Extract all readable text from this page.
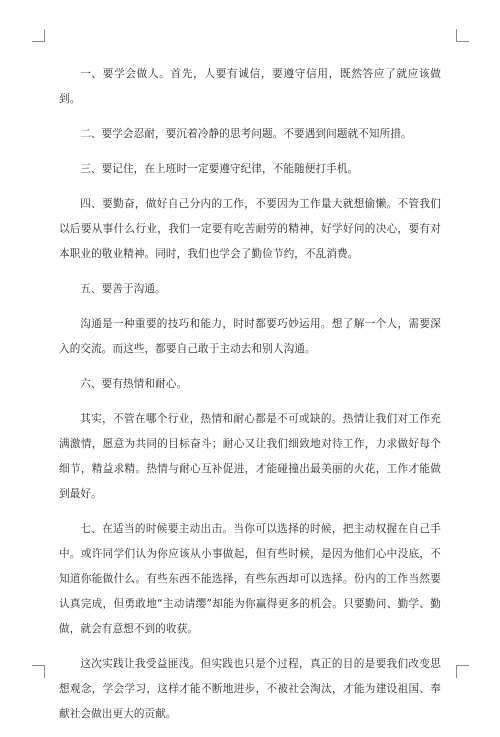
一、要学会做人。首先，人要有诚信，要遵守信用，既然答应了就应该做到。

二、要学会忍耐，要沉着冷静的思考问题。不要遇到问题就不知所措。

三、要记住，在上班时一定要遵守纪律，不能随便打手机。

四、要勤奋，做好自己分内的工作，不要因为工作量大就想偷懒。不管我们以后要从事什么行业，我们一定要有吃苦耐劳的精神，好学好问的决心，要有对本职业的敬业精神。同时，我们也学会了勤俭节约，不乱消费。

五、要善于沟通。

沟通是一种重要的技巧和能力，时时都要巧妙运用。想了解一个人，需要深入的交流。而这些，都要自己敢于主动去和别人沟通。

六、要有热情和耐心。

其实，不管在哪个行业，热情和耐心都是不可或缺的。热情让我们对工作充满激情，愿意为共同的目标奋斗；耐心又让我们细致地对待工作，力求做好每个细节，精益求精。热情与耐心互补促进，才能碰撞出最美丽的火花，工作才能做到最好。

七、在适当的时候要主动出击。当你可以选择的时候，把主动权握在自己手中。或许同学们认为你应该从小事做起，但有些时候，是因为他们心中没底，不知道你能做什么。有些东西不能选择，有些东西却可以选择。份内的工作当然要认真完成，但勇敢地“主动请缨”却能为你赢得更多的机会。只要勤问、勤学、勤做，就会有意想不到的收获。

这次实践让我受益匪浅。但实践也只是个过程，真正的目的是要我们改变思想观念，学会学习，这样才能不断地进步，不被社会淘汰，才能为建设祖国、奉献社会做出更大的贡献。
